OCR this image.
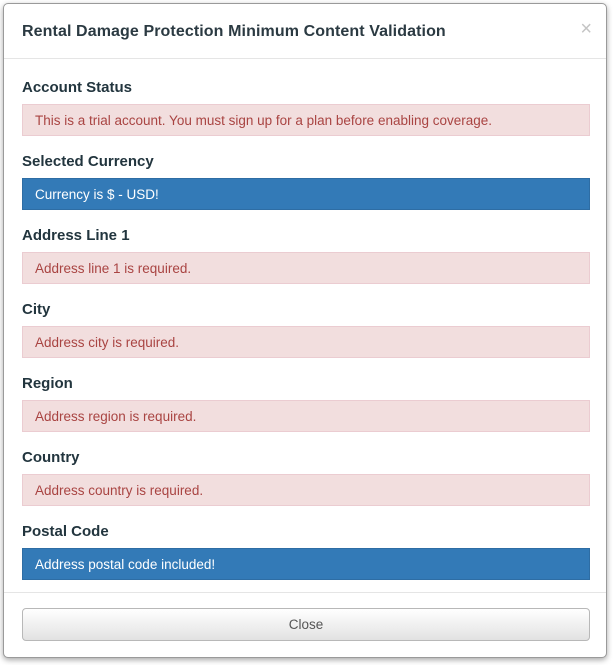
Rental Damage Protection Minimum Content Validation	×
Account Status
This is a trial account. You must sign up for a plan before enabling coverage.
Selected Currency
Currency is $ - USD!
Address Line 1
Address line 1 is required.
City
Address city is required.
Region
Address region is required.
Country
Address country is required.
Postal Code
Address postal code included!
Close
